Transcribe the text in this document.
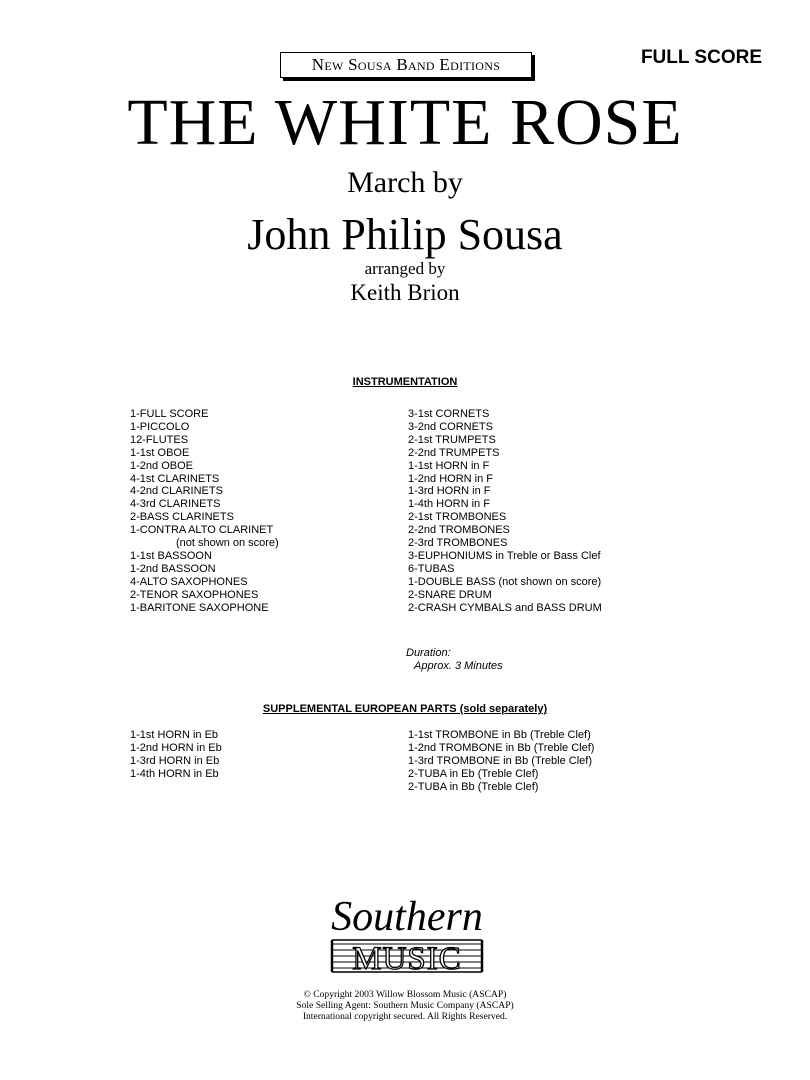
New Sousa Band Editions	FULL SCORE
THE WHITE ROSE
March by
John Philip Sousa
arranged by
Keith Brion
INSTRUMENTATION
1-FULL SCORE
1-PICCOLO
12-FLUTES
1-1st OBOE
1-2nd OBOE
4-1st CLARINETS
4-2nd CLARINETS
4-3rd CLARINETS
2-BASS CLARINETS
1-CONTRA ALTO CLARINET
(not shown on score)
1-1st BASSOON
1-2nd BASSOON
4-ALTO SAXOPHONES
2-TENOR SAXOPHONES
1-BARITONE SAXOPHONE
3-1st CORNETS
3-2nd CORNETS
2-1st TRUMPETS
2-2nd TRUMPETS
1-1st HORN in F
1-2nd HORN in F
1-3rd HORN in F
1-4th HORN in F
2-1st TROMBONES
2-2nd TROMBONES
2-3rd TROMBONES
3-EUPHONIUMS in Treble or Bass Clef
6-TUBAS
1-DOUBLE BASS (not shown on score)
2-SNARE DRUM
2-CRASH CYMBALS and BASS DRUM
Duration:
Approx. 3 Minutes
SUPPLEMENTAL EUROPEAN PARTS (sold separately)
1-1st HORN in Eb
1-2nd HORN in Eb
1-3rd HORN in Eb
1-4th HORN in Eb
1-1st TROMBONE in Bb (Treble Clef)
1-2nd TROMBONE in Bb (Treble Clef)
1-3rd TROMBONE in Bb (Treble Clef)
2-TUBA in Eb (Treble Clef)
2-TUBA in Bb (Treble Clef)
Southern
MUSIC
© Copyright 2003 Willow Blossom Music (ASCAP)
Sole Selling Agent: Southern Music Company (ASCAP)
International copyright secured. All Rights Reserved.
